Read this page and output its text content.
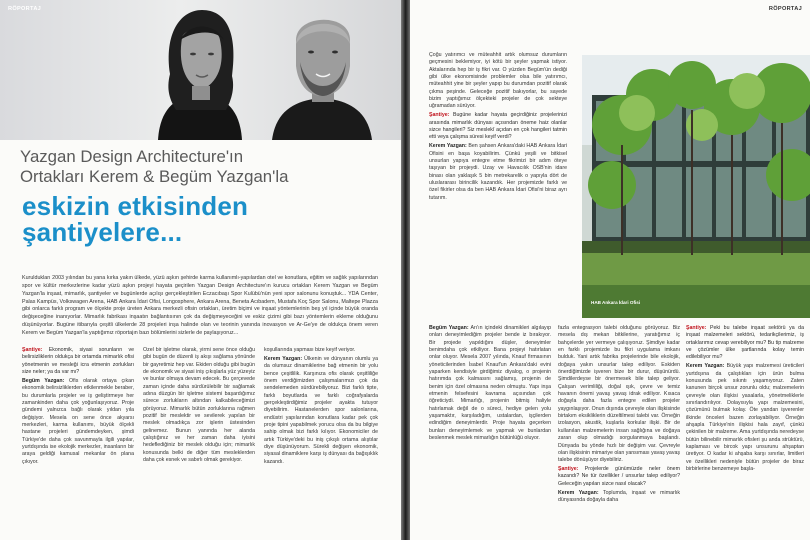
RÖPORTAJ
Yazgan Design Architecture'ın
Ortakları Kerem & Begüm Yazgan'la
eskizin etkisinden
şantiyelere...
Kuruldukları 2003 yılından bu yana kırka yakın ülkede, yüzü aşkın şehirde karma kullanımlı-yapılardan otel ve konutlara, eğitim ve sağlık yapılarından spor ve kültür merkezlerine kadar yüzü aşkın projeyi hayata geçirilen Yazgan Design Architecture'ın kurucu ortakları Kerem Yazgan ve Begüm Yazgan'la inşaat, mimarlık, şantiyeler ve bugünlerde açılışı gerçekleştirilen Eczacıbaşı Spor Kulübü'nün yeni spor salonunu konuştuk... YDA Center, Palas Kampüs, Volkswagen Arena, HAB Ankara İdari Ofisi, Longosphere, Ankara Arena, Beneta Acıbadem, Mustafa Koç Spor Salonu, Maltepe Plazza gibi onlarca farklı program ve ölçekte proje üreten Ankara merkezli ofisin ortakları, üretim biçimi ve inşaat yöntemlerinin beş yıl içinde büyük oranda değişeceğine inanıyorlar. Mimarlık fabrikası inşaatın bağlantısının çok da değişmeyeceğini ve eskiz çizimi gibi bazı yöntemlerin ekleme olduğunu düşünüyorlar. Bugüne itibarıyla çeşitli ülkelerde 28 projeleri inşa halinde olan ve teorinin yanında inovasyon ve Ar-Ge'ye de oldukça önem veren Kerem ve Begüm Yazgan'la yaptığımız röportajın bazı bölümlerini sizlerle de paylaşıyoruz...

Şantiye: Ekonomik, siyasi sorunların ve belirsizliklerin oldukça bir ortamda mimarlık ofisi yönetmenin ve mesleği icra etmenin zorlukları size neler; ya da var mı?

Begüm Yazgan: Ofis olarak ortaya çıkan ekonomik belirsizliklerden etkilenmekle beraber, bu durumlarla projeler ve iş geliştirmeye her zamankinden daha çok yoğunlaşıyoruz. Proje gündemi yalnızca bağlı olarak yıldan yıla değişiyor. Mesela on sene önce akyarsı merkezleri, karma kullanımı, büyük ölçekli hastane projeleri gündemdeyken, şimdi Türkiye'de daha çok savunmayla ilgili yapılar, yurtdışında ise ekolojik merkezler, insanların bir araya geldiği kamusal mekanlar ön plana çıkıyor.

Özel bir işletme olarak, yirmi sene önce olduğu gibi bugün de düzenli iş akışı sağlama yönünde bir gayretimiz hep var. Ekiden olduğu gibi bugün de ekonomik ve siyasi iniş çıkışlarla yüz yüzeyiz ve bunlar olmaya devam edecek. Bu çerçevede zaman içinde daha sürdürülebilir bir sağlamak adına düzgün bir işletme sistemi başardığımız sürece zorlukların altından kalkabileceğimizi görüyoruz. Mimarlık bütün zorluklarına rağmen pozitif bir meslektir ve sevilerek yapılan bir meslek olmadıkça zor işlerin üstesinden gelinemez. Bunun yanında her alanda çalıştığınız ve her zaman daha iyisini hedeflediğiniz bir meslek olduğu için; mimarlık konusunda belki de diğer tüm mesleklerden daha çok esnek ve sabırlı olmak gerekiyor.

koşullarında yapması bize keyif veriyor.

Kerem Yazgan: Ülkenin ve dünyanın olumlu ya da olumsuz dinamiklerine bağ etmenin bir yolu bence çeşitlilik. Karşınıza ofis olarak çeşitliliğe önem verdiğimizden çalışmalarımızı çok da sendelemeden sürdürebiliyoruz. Bizi farklı tipte, farklı boyutlarda ve farklı coğrafyalarda gerçekleştirdiğimiz projeler ayakta tutuyor diyebilirim. Hastanelerden spor salonlarına, endüstri yapılarından konutlara kadar pek çok proje tipini yapabilmek yorucu olsa da bu bilgiye sahip olmak bizi farklı kılıyor. Ekonomiciler de artık Türkiye'deki bu iniş çıkışlı ortama alıştılar diye düşünüyorum. Sürekli değişen ekonomik, siyasal dinamiklere karşı iş dünyası da bağışıklık kazandı.

RÖPORTAJ

Çoğu yatırımcı ve müteahhit artık olumsuz durumların geçmesini beklemiyor, iyi kötü bir şeyler yapmak istiyor. Aktalarında hep bir iş fikri var. O yüzden Begüm'ün dediği gibi ülke ekonomisinde problemler olsa bile yatırımcı, müteahhit yine bir şeyler yapıp bu durumdan pozitif olarak çıkma peşinde. Geleceğe pozitif bakıyorlar, bu sayede bizim yaptığımız ölçekteki projeler de çok sekteye uğramadan sürüyor.

Şantiye: Bugüne kadar hayata geçirdiğiniz projelerinizi arasında mimarlık dünyası açısından öneme haiz olanlar sizce hangileri? Siz meslekî açıdan en çok hangileri tatmin etti veya çalışma süresi keyif verdi?

Kerem Yazgan: Ben şahsen Ankara'daki HAB Ankara İdari Ofisini en başa koyabilirim. Çünkü yeşili ve bitkisel unsurları yapıya entegre etme fikrimizi bir adım öteye taşıyan bir projeydi. Uzay ve Havacılık OSB'nin idare binası olan yaklaşık 5 bin metrekarelik o yapıyla dört de uluslararası birincilik kazandık. Her projemizde farklı ve özel fikirler olsa da ben HAB Ankara İdari Ofisi'ni biraz ayrı tutarım.

Begüm Yazgan: Arı'ın içindeki dinamikleri algılayıp onları deneyimlediğim projeler bende iz bırakıyor. Bir projede yapıldığını düşler, deneyimler benimdaha çok etkiliyor. Bana projeyi hatırlatan onlar oluyor. Mesela 2007 yılında, Knauf firmasının yöneticilerinden İsabel Knauf'un Ankara'daki evini yaparken kendisiyle girdiğimiz diyalog, o projenin hatırımda çok kalmasını sağlamış, projenin de benim için özel olmasına neden olmuştu. Yapı inşa etmenin felsefesini kavrama açısından çok öğreticiydi. Mimarlığı, projenin bitmiş haliyle hatırlamak değil de o süreci, hediye gelen yolu yaşamaktır, karşıladığım, ustalardan, işçilerden edindiğim deneyimlerdir. Proje hayata geçerken bunları deneyimlemek ve yapmak ve bunlardan beslenmek meslek mimarlığın bütünlüğü oluyor.

HAB Ankara İdari Ofisi

fazla entegrasyon talebi olduğunu görüyoruz. Biz mesela dış mekan bitkilerine, yaratığımız iç bahçelerde yer vermeye çalışıyoruz. Şimdiye kadar en farklı projemizde bu fikri uygulama imkanı bulduk. Yani artık fabrika projelerinde bile ekolojik, doğaya yakın unsurlar talep ediliyor. Eskiden önerdiğimizde işveren bize bir durur, düşünürdü. Şimdilerdeyse bir önermesek bile talep geliyor. Çalışan verimliliği, doğal ışık, çevre ve temiz havanın önemi yavaş yavaş idrak ediliyor. Kısaca doğayla daha fazla entegre edilen projeler yaygınlaşıyor. Onun dışında çevreyle olan ilişkisinde birtakım eksikliklerin düzeltilmesi talebi var. Örneğin izolasyon, akustik, kuşlarla korkular ilişki. Bir de kullanılan malzemelerin insan sağlığına ve doğaya zararı olup olmadığı sorgulanmaya başlandı. Dünyada bu yönde hızlı bir değişim var. Çevreyle olan ilişkisinin mimariye olan yansıması yavaş yavaş talebe dönüşüyor diyebiliriz.

Şantiye: Projelerde günümüzde neler önem kazandı? Ne tür özellikler / unsurlar talep ediliyor? Geleceğin yapıları sizce nasıl olacak?

Kerem Yazgan: Toplumda, inşaat ve mimarlık dünyasında doğayla daha

Şantiye: Peki bu talebe inşaat sektörü ya da inşaat malzemeleri sektörü, tedarikçilerimiz, iş ortaklarımız cevap verebiliyor mu? Bu tip malzeme ve çözümler ülke şartlarında kolay temin edilebiliyor mu?

Kerem Yazgan: Büyük yapı malzemesi üreticileri yurtdışına da çalıştıkları için ürün bulma konusunda pek sıkıntı yaşamıyoruz. Zaten kanunen birçok unsur zorunlu oldu; malzemelerin çevreyle olan ilişkisi yasalarla, yönetmeliklerle sınırlandırılıyor. Dolayısıyla yapı malzemesini, çözümünü bulmak kolay. Öte yandan işverenler ilkinde önceleri bazen zorlayabiliyor. Örneğin ahşapla Türkiye'nin ilişkisi hala zayıf, çünkü çekinilen bir malzeme. Ama yurtdışında neredeyse bütün bilinebilir mimarlık ofisleri şu anda strüktürü, kaplaması ve bircok yapı unsurunu ahşaptan üretiyor. O kadar ki ahşaba karşı sınırlar, limitleri ve özellikleri nedeniyle bütün projeler de biraz birbirlerine benzemeye başla-
